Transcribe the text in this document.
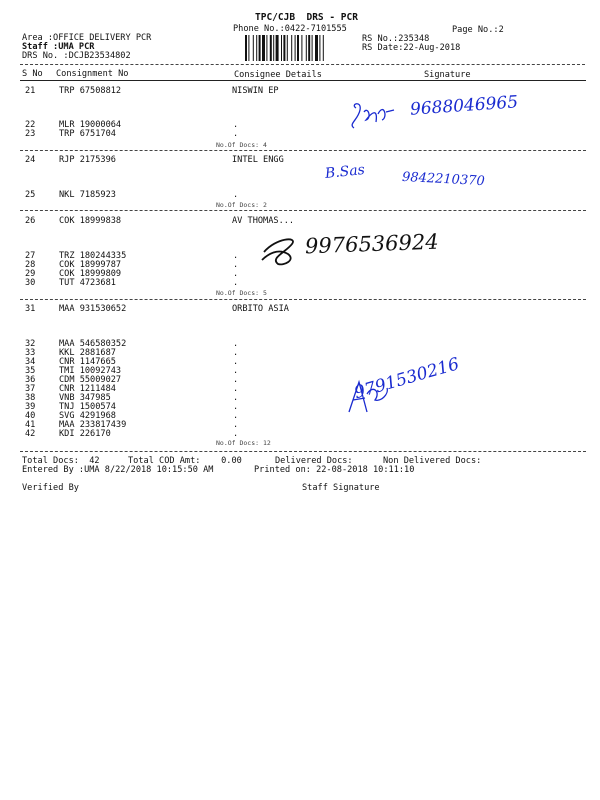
TPC/CJB  DRS - PCR
Phone No.:0422-7101555	Page No.:2
Area :OFFICE DELIVERY PCR
Staff :UMA PCR
DRS No. :DCJB23534802
RS No.:235348
RS Date:22-Aug-2018
S No Consignment No	Consignee Details	Signature
21	TRP 67508812	NISWIN EP
22	MLR 19000064	.
23	TRP 6751704	.
No.Of Docs: 4
9688046965
24	RJP 2175396	INTEL ENGG
25	NKL 7185923	.
No.Of Docs: 2
B.Sas	9842210370
26	COK 18999838	AV THOMAS...
27	TRZ 180244335	.
28	COK 18999787	.
29	COK 18999809	.
30	TUT 4723681	.
No.Of Docs: 5
9976536924
31	MAA 931530652	ORBITO ASIA
32	MAA 546580352	.
33	KKL 2881687	.
34	CNR 1147665	.
35	TMI 10092743	.
36	CDM 55009027	.
37	CNR 1211484	.
38	VNB 347985	.
39	TNJ 1500574	.
40	SVG 4291968	.
41	MAA 233817439	.
42	KDI 226170	.
No.Of Docs: 12
9791530216
Total Docs:  42	Total COD Amt:    0.00	Delivered Docs:	Non Delivered Docs:
Entered By :UMA 8/22/2018 10:15:50 AM	Printed on: 22-08-2018 10:11:10
Verified By	Staff Signature
